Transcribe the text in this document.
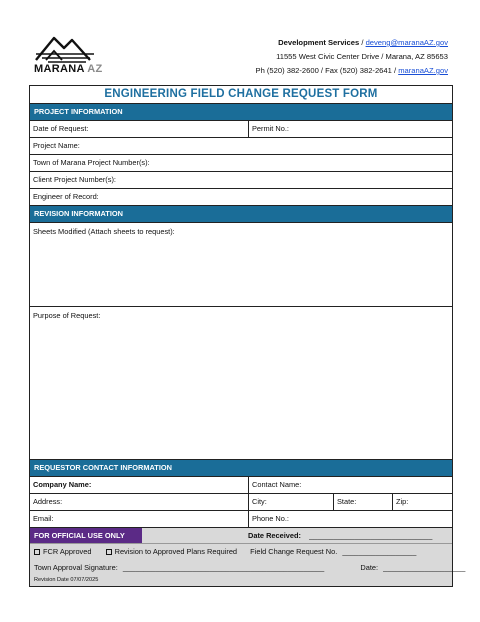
MARANA AZ
Development Services / deveng@maranaAZ.gov
11555 West Civic Center Drive / Marana, AZ 85653
Ph (520) 382-2600 / Fax (520) 382-2641 / maranaAZ.gov
ENGINEERING FIELD CHANGE REQUEST FORM
PROJECT INFORMATION
Date of Request:	Permit No.:
Project Name:
Town of Marana Project Number(s):
Client Project Number(s):
Engineer of Record:
REVISION INFORMATION
Sheets Modified (Attach sheets to request):
Purpose of Request:
REQUESTOR CONTACT INFORMATION
Company Name:	Contact Name:
Address:	City:	State:	Zip:
Email:	Phone No.:
FOR OFFICIAL USE ONLY	Date Received: ______________________________
FCR Approved	Revision to Approved Plans Required Field Change Request No. __________________
Town Approval Signature: _________________________________________________	Date: ____________________
Revision Date 07/07/2025
